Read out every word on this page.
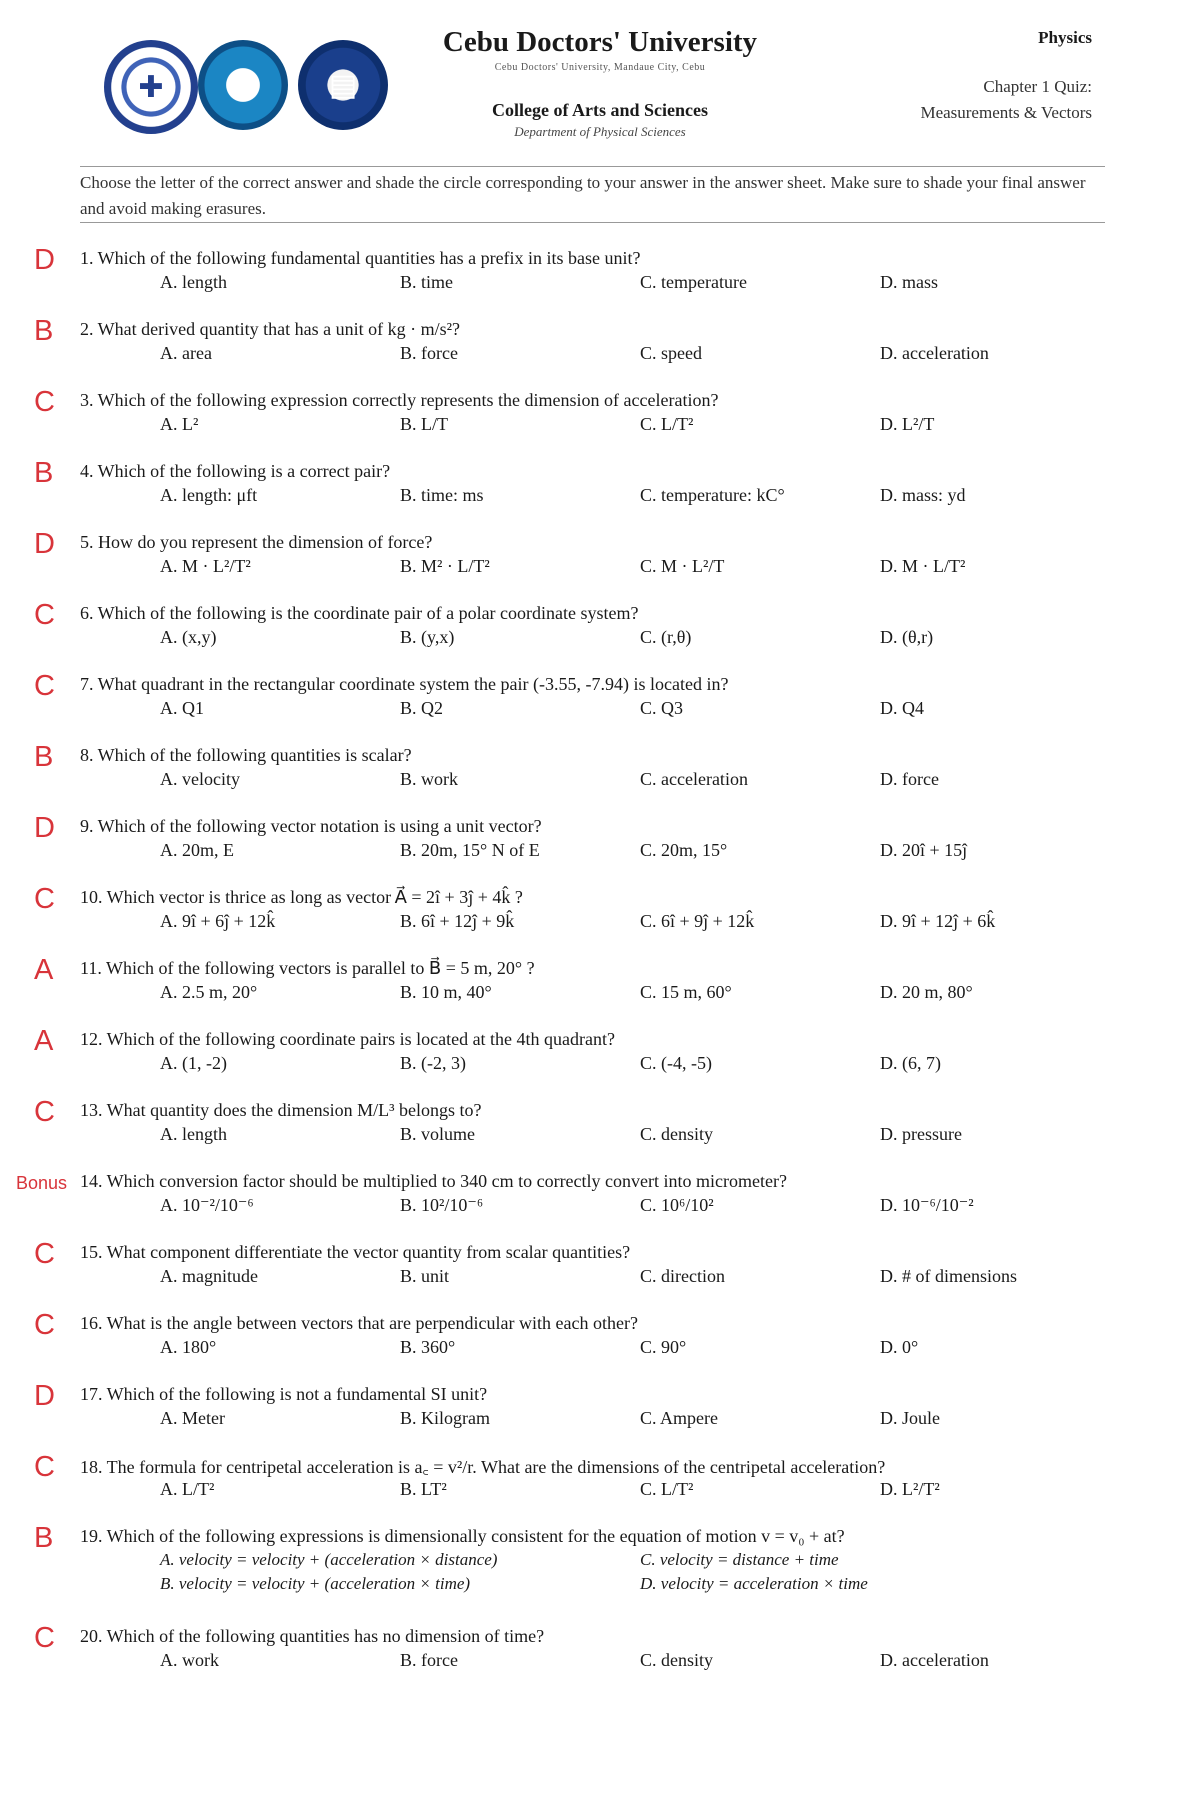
✚	◐	▤
Cebu Doctors' University
Cebu Doctors' University, Mandaue City, Cebu
College of Arts and Sciences
Department of Physical Sciences
Physics
Chapter 1 Quiz:
Measurements & Vectors
Choose the letter of the correct answer and shade the circle corresponding to your answer in the answer sheet. Make sure to shade your final answer and avoid making erasures.
D 1. Which of the following fundamental quantities has a prefix in its base unit?
A. length	B. time	C. temperature	D. mass
B 2. What derived quantity that has a unit of kg · m/s²?
A. area	B. force	C. speed	D. acceleration
C 3. Which of the following expression correctly represents the dimension of acceleration?
A. L²	B. L/T	C. L/T²	D. L²/T
B 4. Which of the following is a correct pair?
A. length: μft	B. time: ms	C. temperature: kC°	D. mass: yd
D 5. How do you represent the dimension of force?
A. M · L²/T²	B. M² · L/T²	C. M · L²/T	D. M · L/T²
C 6. Which of the following is the coordinate pair of a polar coordinate system?
A. (x,y)	B. (y,x)	C. (r,θ)	D. (θ,r)
C 7. What quadrant in the rectangular coordinate system the pair (-3.55, -7.94) is located in?
A. Q1	B. Q2	C. Q3	D. Q4
B 8. Which of the following quantities is scalar?
A. velocity	B. work	C. acceleration	D. force
D 9. Which of the following vector notation is using a unit vector?
A. 20m, E	B. 20m, 15° N of E	C. 20m, 15°	D. 20î + 15ĵ
C 10. Which vector is thrice as long as vector A⃗ = 2î + 3ĵ + 4k̂ ?
A. 9î + 6ĵ + 12k̂	B. 6î + 12ĵ + 9k̂	C. 6î + 9ĵ + 12k̂	D. 9î + 12ĵ + 6k̂
A 11. Which of the following vectors is parallel to B⃗ = 5 m, 20° ?
A. 2.5 m, 20°	B. 10 m, 40°	C. 15 m, 60°	D. 20 m, 80°
A 12. Which of the following coordinate pairs is located at the 4th quadrant?
A. (1, -2)	B. (-2, 3)	C. (-4, -5)	D. (6, 7)
C 13. What quantity does the dimension M/L³ belongs to?
A. length	B. volume	C. density	D. pressure
Bonus 14. Which conversion factor should be multiplied to 340 cm to correctly convert into micrometer?
A. 10⁻²/10⁻⁶	B. 10²/10⁻⁶	C. 10⁶/10²	D. 10⁻⁶/10⁻²
C 15. What component differentiate the vector quantity from scalar quantities?
A. magnitude	B. unit	C. direction	D. # of dimensions
C 16. What is the angle between vectors that are perpendicular with each other?
A. 180°	B. 360°	C. 90°	D. 0°
D 17. Which of the following is not a fundamental SI unit?
A. Meter	B. Kilogram	C. Ampere	D. Joule
C 18. The formula for centripetal acceleration is a꜀ = v²/r. What are the dimensions of the centripetal acceleration?
A. L/T²	B. LT²	C. L/T²	D. L²/T²
B 19. Which of the following expressions is dimensionally consistent for the equation of motion v = v₀ + at?
A. velocity = velocity + (acceleration × distance)
B. velocity = velocity + (acceleration × time)
C. velocity = distance + time
D. velocity = acceleration × time
C 20. Which of the following quantities has no dimension of time?
A. work	B. force	C. density	D. acceleration
